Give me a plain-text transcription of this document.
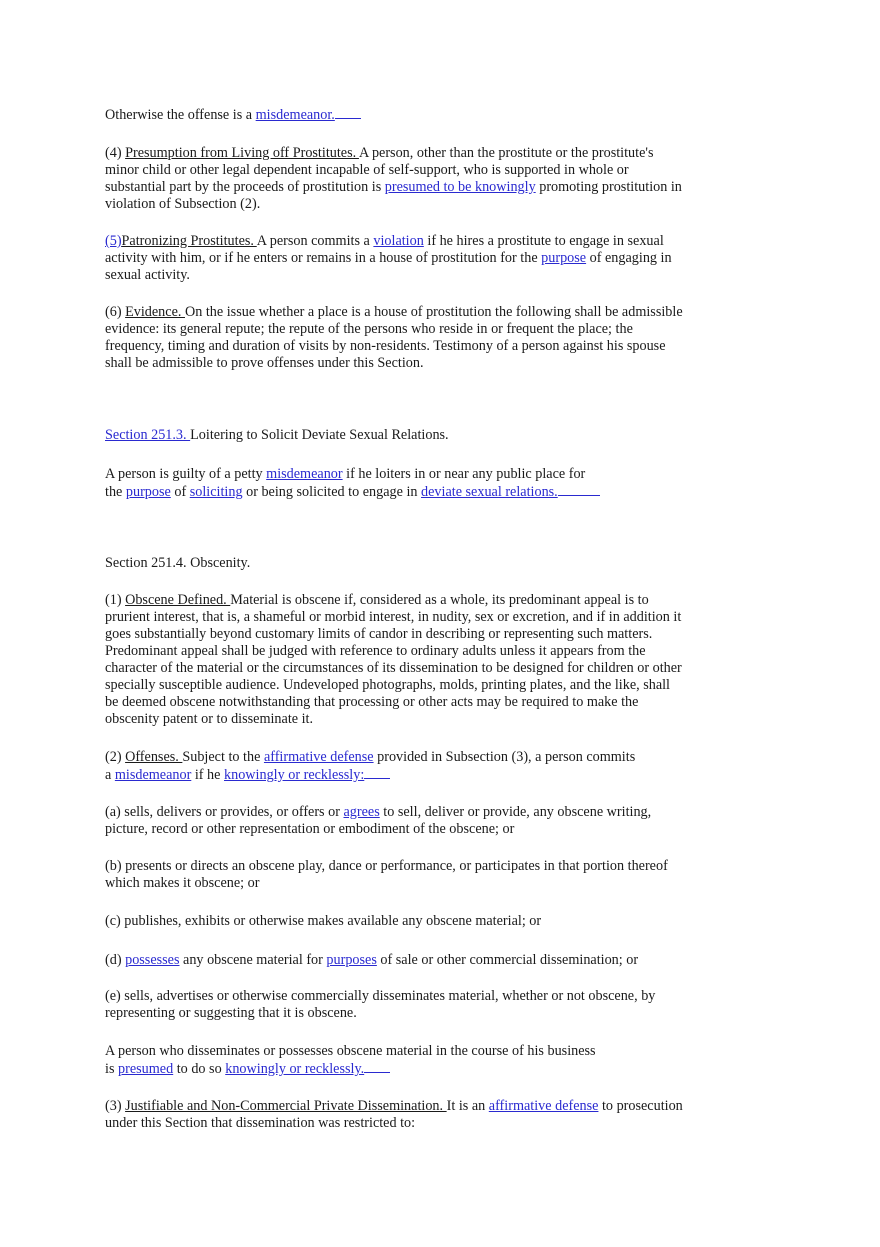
Otherwise the offense is a misdemeanor.

(4) Presumption from Living off Prostitutes. A person, other than the prostitute or the prostitute's
minor child or other legal dependent incapable of self-support, who is supported in whole or
substantial part by the proceeds of prostitution is presumed to be knowingly promoting prostitution in
violation of Subsection (2).

(5)Patronizing Prostitutes. A person commits a violation if he hires a prostitute to engage in sexual
activity with him, or if he enters or remains in a house of prostitution for the purpose of engaging in
sexual activity.

(6) Evidence. On the issue whether a place is a house of prostitution the following shall be admissible
evidence: its general repute; the repute of the persons who reside in or frequent the place; the
frequency, timing and duration of visits by non-residents. Testimony of a person against his spouse
shall be admissible to prove offenses under this Section.

Section 251.3. Loitering to Solicit Deviate Sexual Relations.

A person is guilty of a petty misdemeanor if he loiters in or near any public place for
the purpose of soliciting or being solicited to engage in deviate sexual relations.

Section 251.4. Obscenity.

(1) Obscene Defined. Material is obscene if, considered as a whole, its predominant appeal is to
prurient interest, that is, a shameful or morbid interest, in nudity, sex or excretion, and if in addition it
goes substantially beyond customary limits of candor in describing or representing such matters.
Predominant appeal shall be judged with reference to ordinary adults unless it appears from the
character of the material or the circumstances of its dissemination to be designed for children or other
specially susceptible audience. Undeveloped photographs, molds, printing plates, and the like, shall
be deemed obscene notwithstanding that processing or other acts may be required to make the
obscenity patent or to disseminate it.

(2) Offenses. Subject to the affirmative defense provided in Subsection (3), a person commits
a misdemeanor if he knowingly or recklessly:

(a) sells, delivers or provides, or offers or agrees to sell, deliver or provide, any obscene writing,
picture, record or other representation or embodiment of the obscene; or

(b) presents or directs an obscene play, dance or performance, or participates in that portion thereof
which makes it obscene; or

(c) publishes, exhibits or otherwise makes available any obscene material; or

(d) possesses any obscene material for purposes of sale or other commercial dissemination; or

(e) sells, advertises or otherwise commercially disseminates material, whether or not obscene, by
representing or suggesting that it is obscene.

A person who disseminates or possesses obscene material in the course of his business
is presumed to do so knowingly or recklessly.

(3) Justifiable and Non-Commercial Private Dissemination. It is an affirmative defense to prosecution
under this Section that dissemination was restricted to:
